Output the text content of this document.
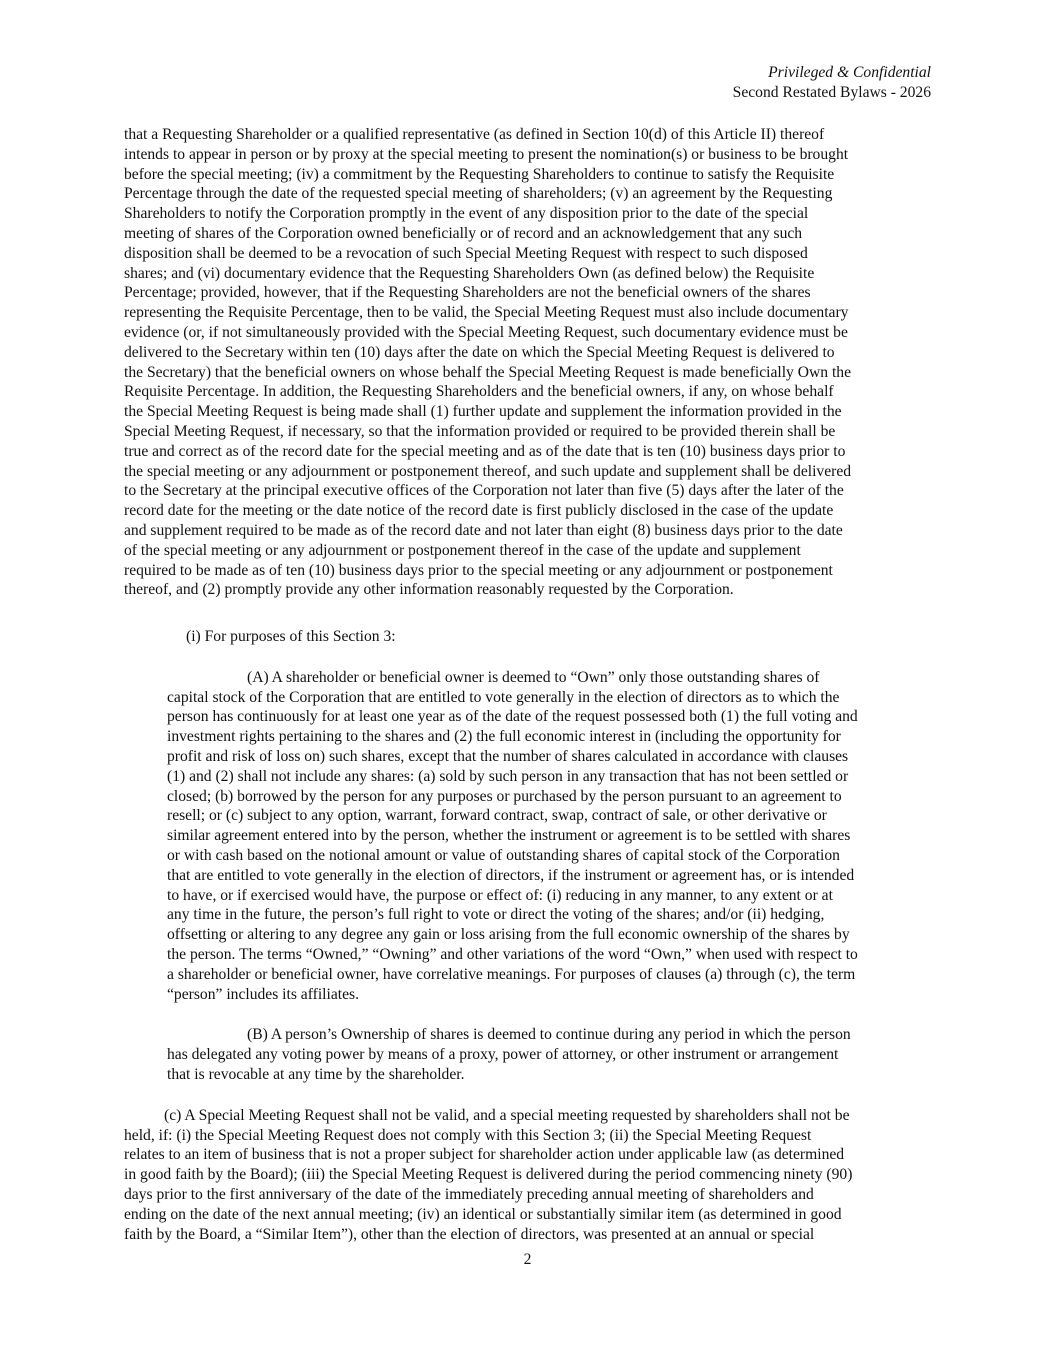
Privileged & Confidential
Second Restated Bylaws - 2026
that a Requesting Shareholder or a qualified representative (as defined in Section 10(d) of this Article II) thereof
intends to appear in person or by proxy at the special meeting to present the nomination(s) or business to be brought
before the special meeting; (iv) a commitment by the Requesting Shareholders to continue to satisfy the Requisite
Percentage through the date of the requested special meeting of shareholders; (v) an agreement by the Requesting
Shareholders to notify the Corporation promptly in the event of any disposition prior to the date of the special
meeting of shares of the Corporation owned beneficially or of record and an acknowledgement that any such
disposition shall be deemed to be a revocation of such Special Meeting Request with respect to such disposed
shares; and (vi) documentary evidence that the Requesting Shareholders Own (as defined below) the Requisite
Percentage; provided, however, that if the Requesting Shareholders are not the beneficial owners of the shares
representing the Requisite Percentage, then to be valid, the Special Meeting Request must also include documentary
evidence (or, if not simultaneously provided with the Special Meeting Request, such documentary evidence must be
delivered to the Secretary within ten (10) days after the date on which the Special Meeting Request is delivered to
the Secretary) that the beneficial owners on whose behalf the Special Meeting Request is made beneficially Own the
Requisite Percentage. In addition, the Requesting Shareholders and the beneficial owners, if any, on whose behalf
the Special Meeting Request is being made shall (1) further update and supplement the information provided in the
Special Meeting Request, if necessary, so that the information provided or required to be provided therein shall be
true and correct as of the record date for the special meeting and as of the date that is ten (10) business days prior to
the special meeting or any adjournment or postponement thereof, and such update and supplement shall be delivered
to the Secretary at the principal executive offices of the Corporation not later than five (5) days after the later of the
record date for the meeting or the date notice of the record date is first publicly disclosed in the case of the update
and supplement required to be made as of the record date and not later than eight (8) business days prior to the date
of the special meeting or any adjournment or postponement thereof in the case of the update and supplement
required to be made as of ten (10) business days prior to the special meeting or any adjournment or postponement
thereof, and (2) promptly provide any other information reasonably requested by the Corporation.
(i) For purposes of this Section 3:
(A) A shareholder or beneficial owner is deemed to “Own” only those outstanding shares of
capital stock of the Corporation that are entitled to vote generally in the election of directors as to which the
person has continuously for at least one year as of the date of the request possessed both (1) the full voting and
investment rights pertaining to the shares and (2) the full economic interest in (including the opportunity for
profit and risk of loss on) such shares, except that the number of shares calculated in accordance with clauses
(1) and (2) shall not include any shares: (a) sold by such person in any transaction that has not been settled or
closed; (b) borrowed by the person for any purposes or purchased by the person pursuant to an agreement to
resell; or (c) subject to any option, warrant, forward contract, swap, contract of sale, or other derivative or
similar agreement entered into by the person, whether the instrument or agreement is to be settled with shares
or with cash based on the notional amount or value of outstanding shares of capital stock of the Corporation
that are entitled to vote generally in the election of directors, if the instrument or agreement has, or is intended
to have, or if exercised would have, the purpose or effect of: (i) reducing in any manner, to any extent or at
any time in the future, the person’s full right to vote or direct the voting of the shares; and/or (ii) hedging,
offsetting or altering to any degree any gain or loss arising from the full economic ownership of the shares by
the person. The terms “Owned,” “Owning” and other variations of the word “Own,” when used with respect to
a shareholder or beneficial owner, have correlative meanings. For purposes of clauses (a) through (c), the term
“person” includes its affiliates.
(B) A person’s Ownership of shares is deemed to continue during any period in which the person
has delegated any voting power by means of a proxy, power of attorney, or other instrument or arrangement
that is revocable at any time by the shareholder.
(c) A Special Meeting Request shall not be valid, and a special meeting requested by shareholders shall not be
held, if: (i) the Special Meeting Request does not comply with this Section 3; (ii) the Special Meeting Request
relates to an item of business that is not a proper subject for shareholder action under applicable law (as determined
in good faith by the Board); (iii) the Special Meeting Request is delivered during the period commencing ninety (90)
days prior to the first anniversary of the date of the immediately preceding annual meeting of shareholders and
ending on the date of the next annual meeting; (iv) an identical or substantially similar item (as determined in good
faith by the Board, a “Similar Item”), other than the election of directors, was presented at an annual or special
2
